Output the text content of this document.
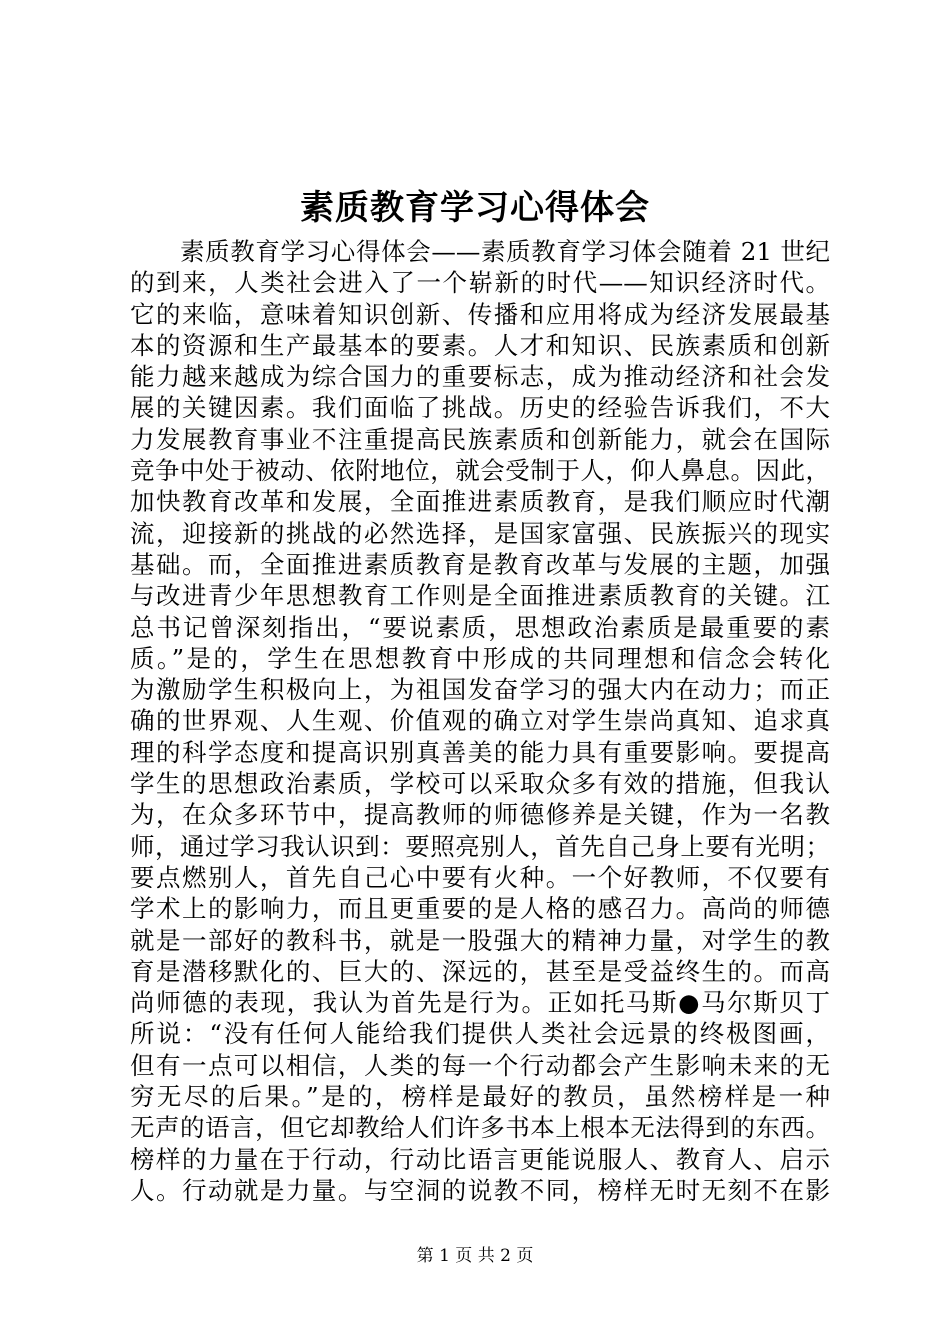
素质教育学习心得体会
素质教育学习心得体会——素质教育学习体会随着 21 世纪
的到来，人类社会进入了一个崭新的时代——知识经济时代。
它的来临，意味着知识创新、传播和应用将成为经济发展最基
本的资源和生产最基本的要素。人才和知识、民族素质和创新
能力越来越成为综合国力的重要标志，成为推动经济和社会发
展的关键因素。我们面临了挑战。历史的经验告诉我们，不大
力发展教育事业不注重提高民族素质和创新能力，就会在国际
竞争中处于被动、依附地位，就会受制于人，仰人鼻息。因此，
加快教育改革和发展，全面推进素质教育，是我们顺应时代潮
流，迎接新的挑战的必然选择，是国家富强、民族振兴的现实
基础。而，全面推进素质教育是教育改革与发展的主题，加强
与改进青少年思想教育工作则是全面推进素质教育的关键。江
总书记曾深刻指出，“要说素质，思想政治素质是最重要的素
质。”是的，学生在思想教育中形成的共同理想和信念会转化
为激励学生积极向上，为祖国发奋学习的强大内在动力；而正
确的世界观、人生观、价值观的确立对学生崇尚真知、追求真
理的科学态度和提高识别真善美的能力具有重要影响。要提高
学生的思想政治素质，学校可以采取众多有效的措施，但我认
为，在众多环节中，提高教师的师德修养是关键，作为一名教
师，通过学习我认识到：要照亮别人，首先自己身上要有光明；
要点燃别人，首先自己心中要有火种。一个好教师，不仅要有
学术上的影响力，而且更重要的是人格的感召力。高尚的师德
就是一部好的教科书，就是一股强大的精神力量，对学生的教
育是潜移默化的、巨大的、深远的，甚至是受益终生的。而高
尚师德的表现，我认为首先是行为。正如托马斯●马尔斯贝丁
所说：“没有任何人能给我们提供人类社会远景的终极图画，
但有一点可以相信，人类的每一个行动都会产生影响未来的无
穷无尽的后果。”是的，榜样是最好的教员，虽然榜样是一种
无声的语言，但它却教给人们许多书本上根本无法得到的东西。
榜样的力量在于行动，行动比语言更能说服人、教育人、启示
人。行动就是力量。与空洞的说教不同，榜样无时无刻不在影
第 1 页 共 2 页
